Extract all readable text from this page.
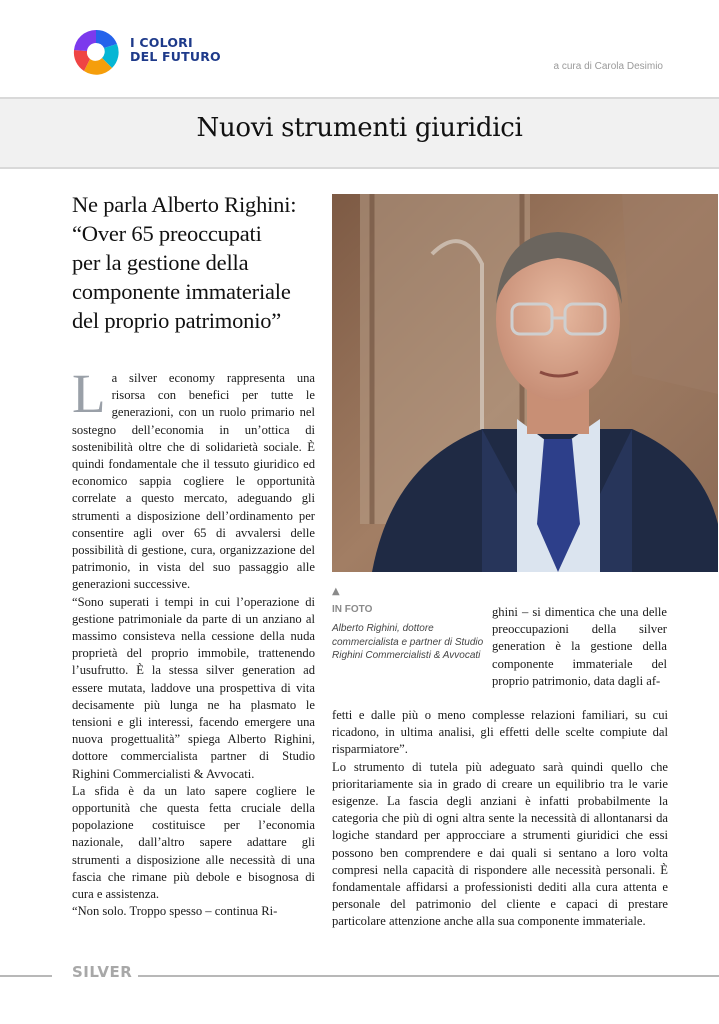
I COLORI
DEL FUTURO
a cura di Carola Desimio
Nuovi strumenti giuridici
Ne parla Alberto Righini:
“Over 65 preoccupati
per la gestione della
componente immateriale
del proprio patrimonio”
L a silver economy rappresenta una risorsa con benefici per tutte le generazioni, con un ruolo primario nel sostegno dell’economia in un’ottica di sostenibilità oltre che di solidarietà sociale. È quindi fondamentale che il tessuto giuridico ed economico sappia cogliere le opportunità correlate a questo mercato, adeguando gli strumenti a disposizione dell’ordinamento per consentire agli over 65 di avvalersi delle possibilità di gestione, cura, organizzazione del patrimonio, in vista del suo passaggio alle generazioni successive.

“Sono superati i tempi in cui l’operazione di gestione patrimoniale da parte di un anziano al massimo consisteva nella cessione della nuda proprietà del proprio immobile, trattenendo l’usufrutto. È la stessa silver generation ad essere mutata, laddove una prospettiva di vita decisamente più lunga ne ha plasmato le tensioni e gli interessi, facendo emergere una nuova progettualità” spiega Alberto Righini, dottore commercialista partner di Studio Righini Commercialisti & Avvocati.

La sfida è da un lato sapere cogliere le opportunità che questa fetta cruciale della popolazione costituisce per l’economia nazionale, dall’altro sapere adattare gli strumenti a disposizione alle necessità di una fascia che rimane più debole e bisognosa di cura e assistenza.

“Non solo. Troppo spesso – continua Ri-

▲
IN FOTO
Alberto Righini, dottore commercialista e partner di Studio Righini Commercialisti & Avvocati

ghini – si dimentica che una delle preoccupazioni della silver generation è la gestione della componente immateriale del proprio patrimonio, data dagli af-

fetti e dalle più o meno complesse relazioni familiari, su cui ricadono, in ultima analisi, gli effetti delle scelte compiute dal risparmiatore”.

Lo strumento di tutela più adeguato sarà quindi quello che prioritariamente sia in grado di creare un equilibrio tra le varie esigenze. La fascia degli anziani è infatti probabilmente la categoria che più di ogni altra sente la necessità di allontanarsi da logiche standard per approcciare a strumenti giuridici che essi possono ben comprendere e dai quali si sentano a loro volta compresi nella capacità di rispondere alle necessità personali. È fondamentale affidarsi a professionisti dediti alla cura attenta e personale del patrimonio del cliente e capaci di prestare particolare attenzione anche alla sua componente immateriale.

SILVER
